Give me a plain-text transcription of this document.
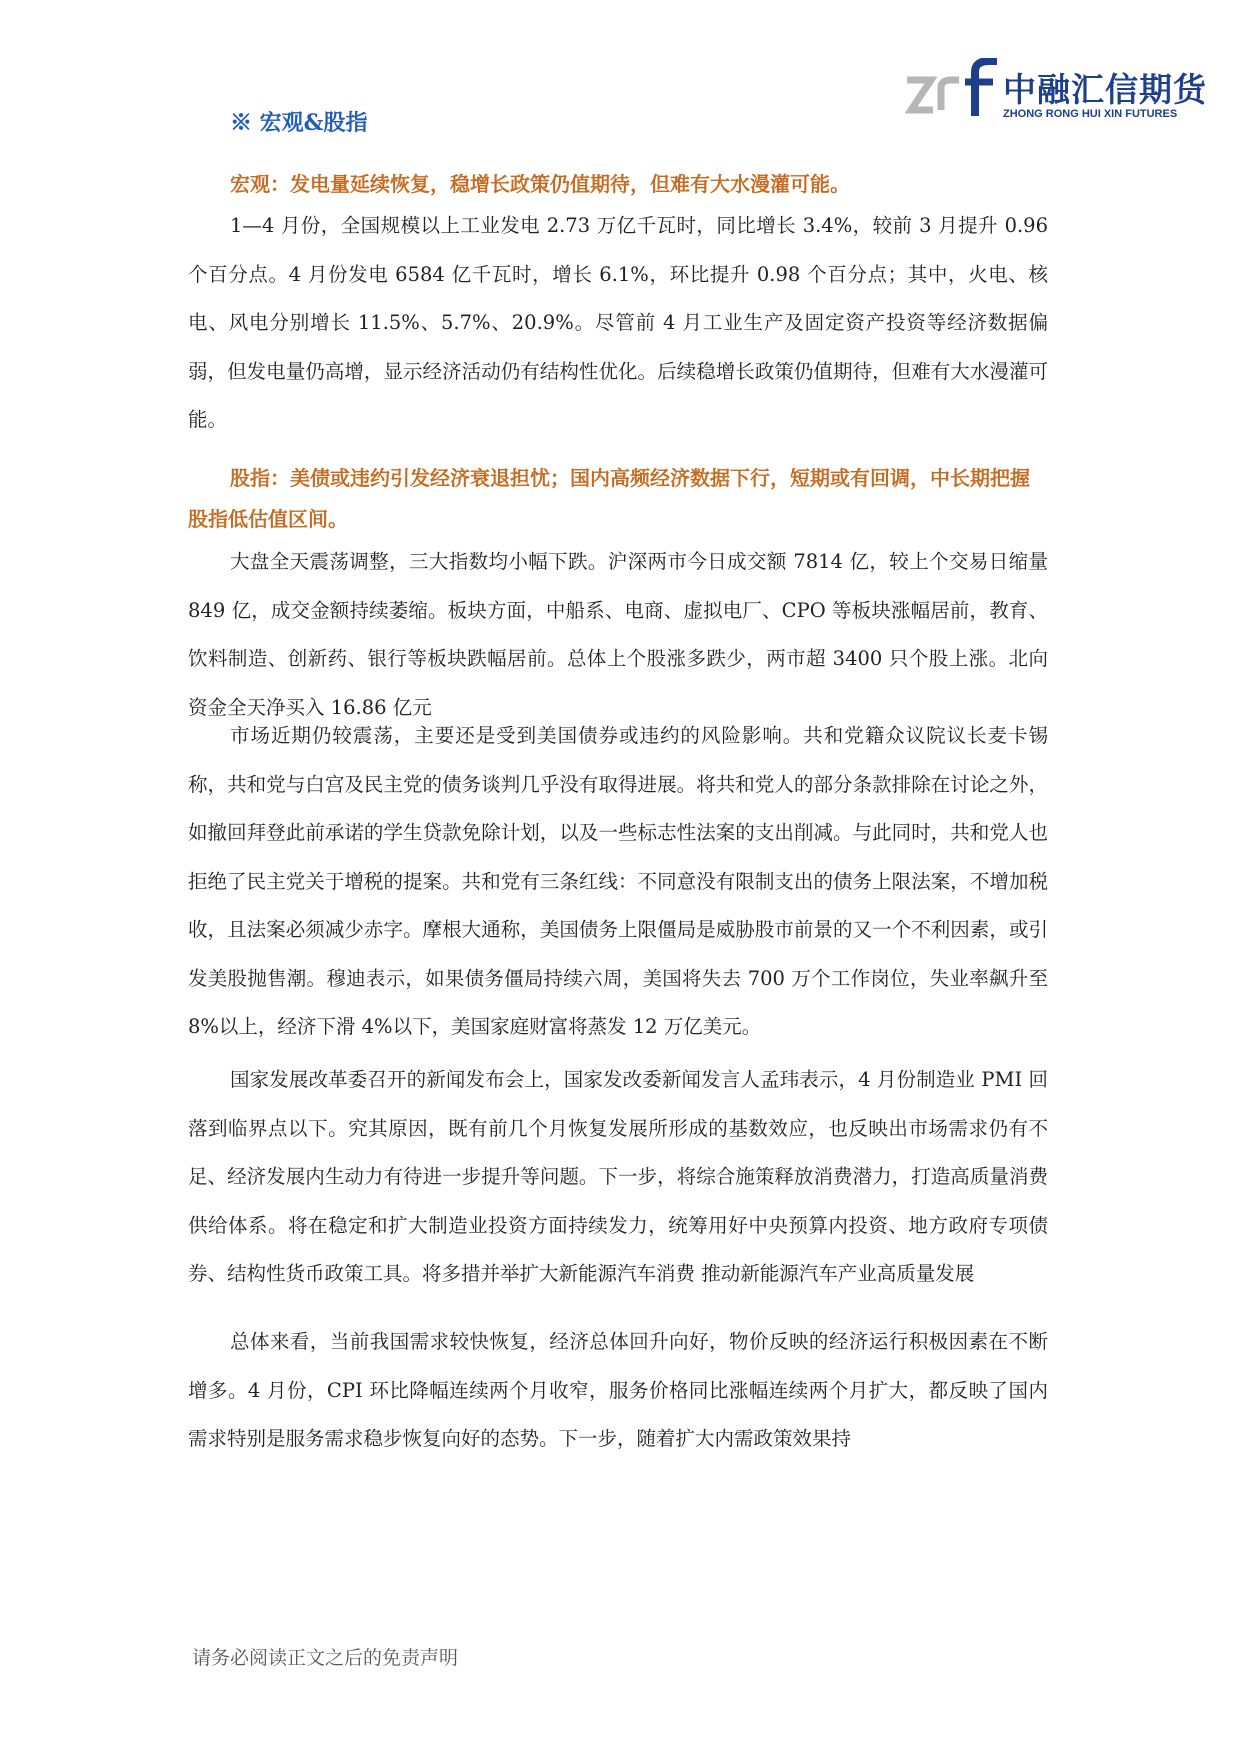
中融汇信期货
ZHONG RONG HUI XIN FUTURES
※ 宏观&股指
宏观：发电量延续恢复，稳增长政策仍值期待，但难有大水漫灌可能。
1—4 月份，全国规模以上工业发电 2.73 万亿千瓦时，同比增长 3.4%，较前 3 月提升 0.96 个百分点。4 月份发电 6584 亿千瓦时，增长 6.1%，环比提升 0.98 个百分点；其中，火电、核电、风电分别增长 11.5%、5.7%、20.9%。尽管前 4 月工业生产及固定资产投资等经济数据偏弱，但发电量仍高增，显示经济活动仍有结构性优化。后续稳增长政策仍值期待，但难有大水漫灌可能。
股指：美债或违约引发经济衰退担忧；国内高频经济数据下行，短期或有回调，中长期把握股指低估值区间。
大盘全天震荡调整，三大指数均小幅下跌。沪深两市今日成交额 7814 亿，较上个交易日缩量 849 亿，成交金额持续萎缩。板块方面，中船系、电商、虚拟电厂、CPO 等板块涨幅居前，教育、饮料制造、创新药、银行等板块跌幅居前。总体上个股涨多跌少，两市超 3400 只个股上涨。北向资金全天净买入 16.86 亿元
市场近期仍较震荡，主要还是受到美国债券或违约的风险影响。共和党籍众议院议长麦卡锡称，共和党与白宫及民主党的债务谈判几乎没有取得进展。将共和党人的部分条款排除在讨论之外，如撤回拜登此前承诺的学生贷款免除计划，以及一些标志性法案的支出削减。与此同时，共和党人也拒绝了民主党关于增税的提案。共和党有三条红线：不同意没有限制支出的债务上限法案，不增加税收，且法案必须减少赤字。摩根大通称，美国债务上限僵局是威胁股市前景的又一个不利因素，或引发美股抛售潮。穆迪表示，如果债务僵局持续六周，美国将失去 700 万个工作岗位，失业率飙升至 8%以上，经济下滑 4%以下，美国家庭财富将蒸发 12 万亿美元。
国家发展改革委召开的新闻发布会上，国家发改委新闻发言人孟玮表示，4 月份制造业 PMI 回落到临界点以下。究其原因，既有前几个月恢复发展所形成的基数效应，也反映出市场需求仍有不足、经济发展内生动力有待进一步提升等问题。下一步，将综合施策释放消费潜力，打造高质量消费供给体系。将在稳定和扩大制造业投资方面持续发力，统筹用好中央预算内投资、地方政府专项债券、结构性货币政策工具。将多措并举扩大新能源汽车消费 推动新能源汽车产业高质量发展
总体来看，当前我国需求较快恢复，经济总体回升向好，物价反映的经济运行积极因素在不断增多。4 月份，CPI 环比降幅连续两个月收窄，服务价格同比涨幅连续两个月扩大，都反映了国内需求特别是服务需求稳步恢复向好的态势。下一步，随着扩大内需政策效果持
请务必阅读正文之后的免责声明
